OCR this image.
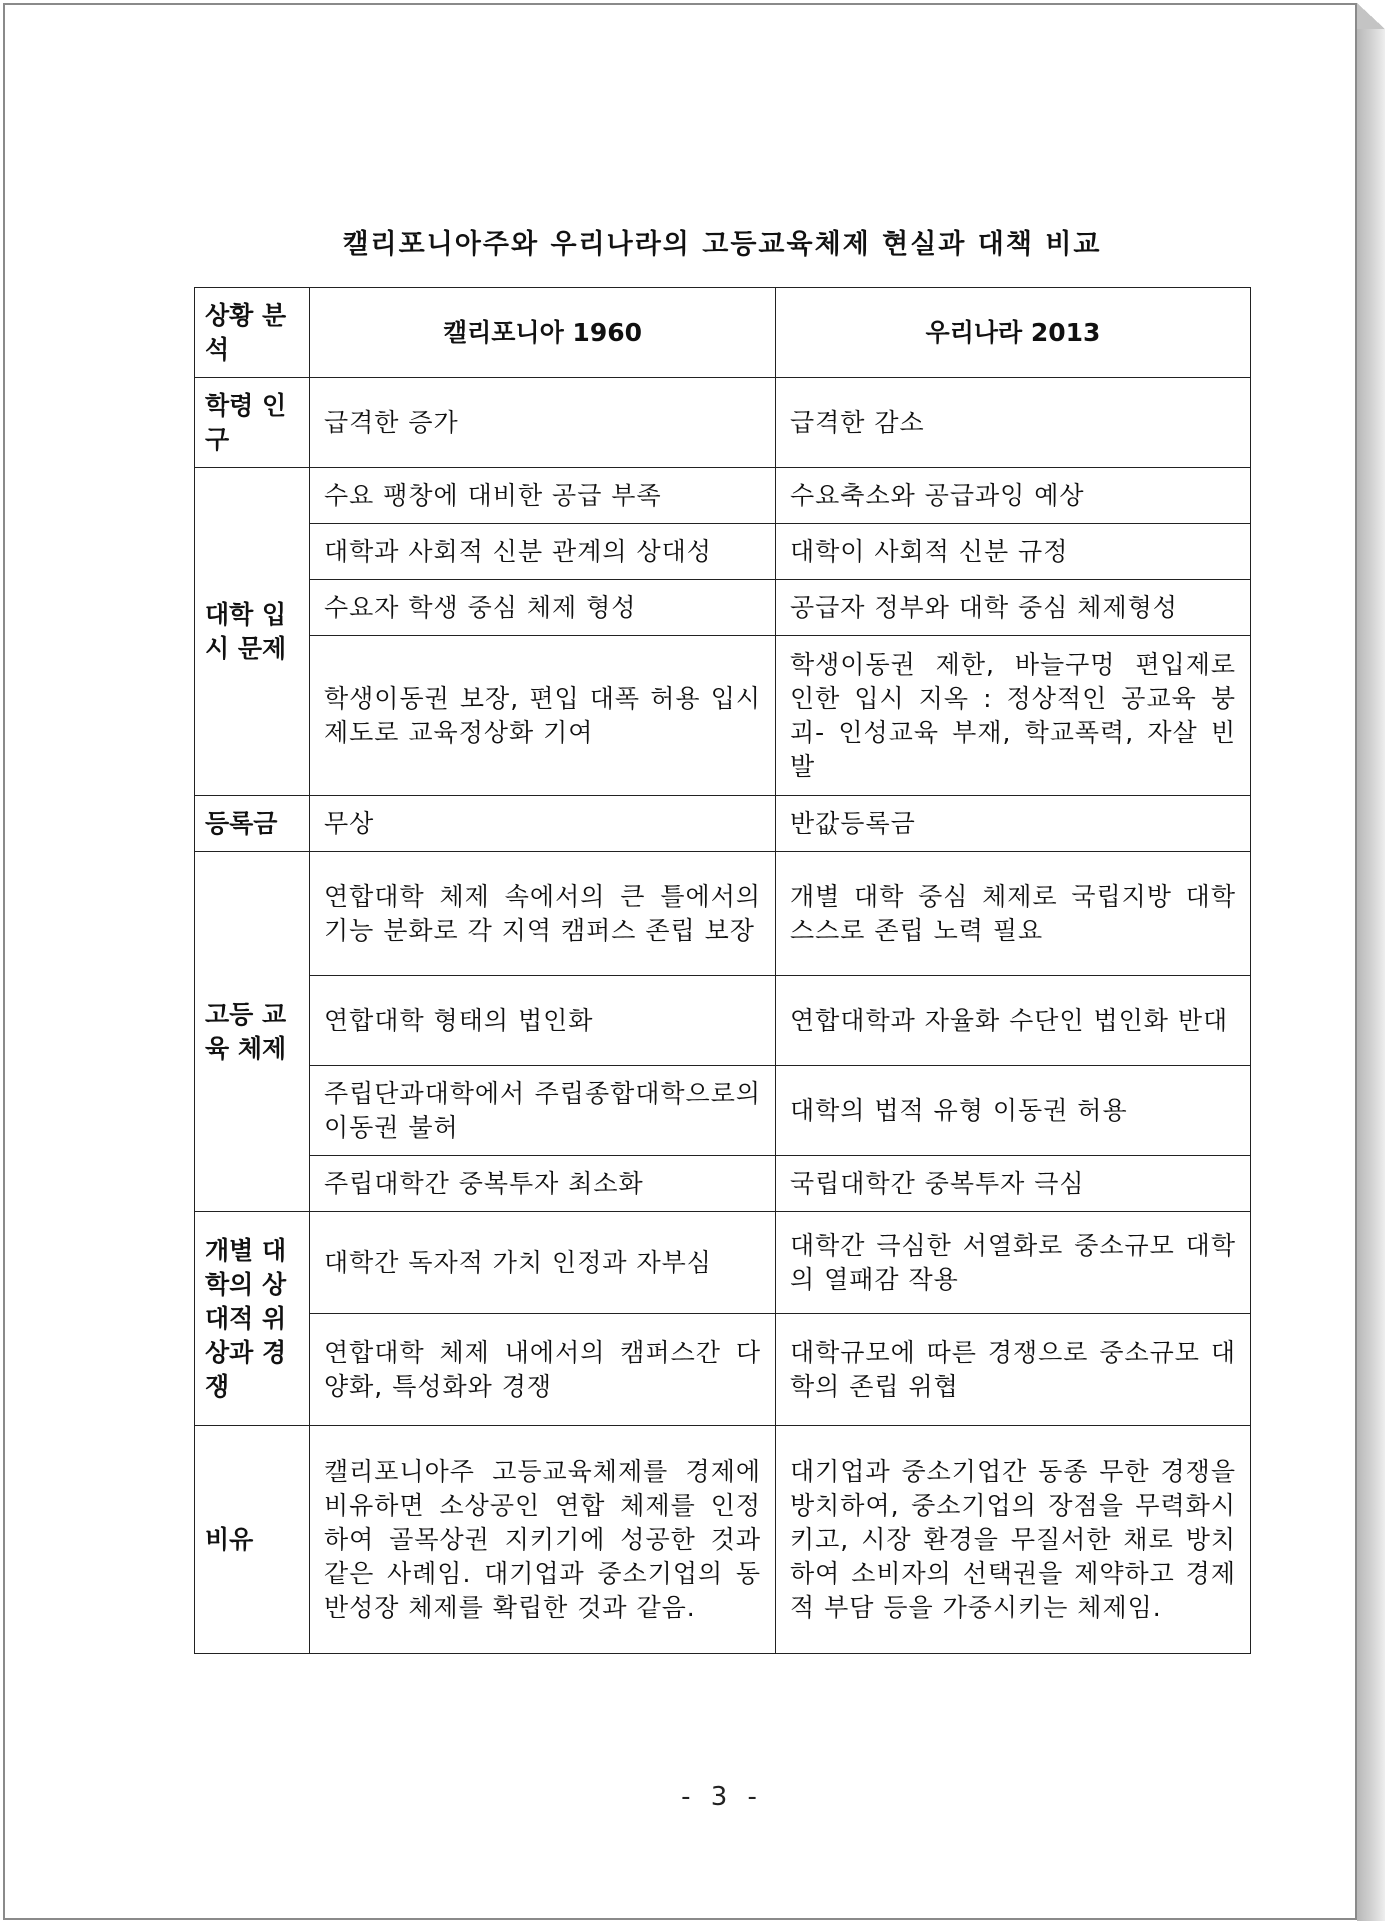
캘리포니아주와 우리나라의 고등교육체제 현실과 대책 비교
상황 분석	캘리포니아 1960	우리나라 2013
학령 인구	급격한 증가	급격한 감소
대학 입시 문제	수요 팽창에 대비한 공급 부족	수요축소와 공급과잉 예상
	대학과 사회적 신분 관계의 상대성	대학이 사회적 신분 규정
	수요자 학생 중심 체제 형성	공급자 정부와 대학 중심 체제형성
	학생이동권 보장, 편입 대폭 허용 입시 제도로 교육정상화 기여	학생이동권 제한, 바늘구멍 편입제로 인한 입시 지옥 : 정상적인 공교육 붕괴- 인성교육 부재, 학교폭력, 자살 빈발
등록금	무상	반값등록금
고등 교육 체제	연합대학 체제 속에서의 큰 틀에서의 기능 분화로 각 지역 캠퍼스 존립 보장	개별 대학 중심 체제로 국립지방 대학 스스로 존립 노력 필요
	연합대학 형태의 법인화	연합대학과 자율화 수단인 법인화 반대
	주립단과대학에서 주립종합대학으로의 이동권 불허	대학의 법적 유형 이동권 허용
	주립대학간 중복투자 최소화	국립대학간 중복투자 극심
개별 대학의 상대적 위상과 경쟁	대학간 독자적 가치 인정과 자부심	대학간 극심한 서열화로 중소규모 대학의 열패감 작용
	연합대학 체제 내에서의 캠퍼스간 다양화, 특성화와 경쟁	대학규모에 따른 경쟁으로 중소규모 대학의 존립 위협
비유	캘리포니아주 고등교육체제를 경제에 비유하면 소상공인 연합 체제를 인정하여 골목상권 지키기에 성공한 것과 같은 사례임. 대기업과 중소기업의 동반성장 체제를 확립한 것과 같음.	대기업과 중소기업간 동종 무한 경쟁을 방치하여, 중소기업의 장점을 무력화시키고, 시장 환경을 무질서한 채로 방치하여 소비자의 선택권을 제약하고 경제적 부담 등을 가중시키는 체제임.
- 3 -
